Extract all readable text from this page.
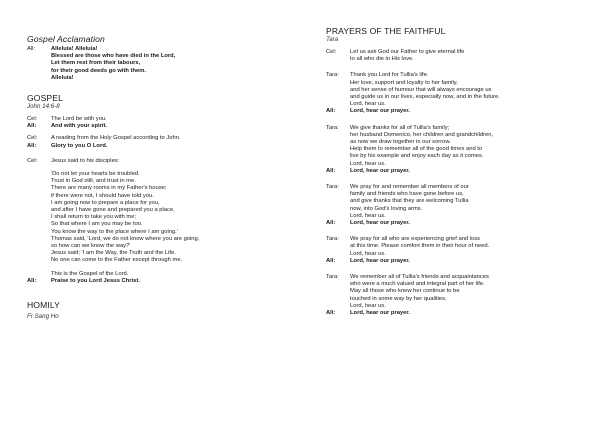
Gospel Acclamation
All:	Alleluia! Alleluia!
Blessed are those who have died in the Lord,
Let them rest from their labours,
for their good deeds go with them.
Alleluia!
GOSPEL
John 14:6-8
Cel:	The Lord be with you.
All:	And with your spirit.
Cel:	A reading from the Holy Gospel according to John.
All:	Glory to you O Lord.
Cel:	Jesus said to his disciples:
'Do not let your hearts be troubled.
Trust in God still, and trust in me.
There are many rooms in my Father's house;
if there were not, I should have told you.
I am going now to prepare a place for you,
and after I have gone and prepared you a place,
I shall return to take you with me;
So that where I am you may be too.
You know the way to the place where I am going.'
Thomas said, 'Lord, we do not know where you are going,
so how can we know the way?'
Jesus said; 'I am the Way, the Truth and the Life.
No one can come to the Father except through me.
This is the Gospel of the Lord.
All:	Praise to you Lord Jesus Christ.
HOMILY
Fr Sang Ho
PRAYERS OF THE FAITHFUL
Tara
Cel:	Let us ask God our Father to give eternal life
to all who die in His love.
Tara:	Thank you Lord for Tullia's life.
Her love, support and loyalty to her family,
and her sense of humour that will always encourage us
and guide us in our lives, especially now, and in the future.
Lord, hear us.
All:	Lord, hear our prayer.
Tara:	We give thanks for all of Tullia's family;
her husband Domenico, her children and grandchildren,
as now we draw together in our sorrow.
Help them to remember all of the good times and to
live by his example and enjoy each day as it comes.
Lord, hear us.
All:	Lord, hear our prayer.
Tara:	We pray for and remember all members of our
family and friends who have gone before us,
and give thanks that they are welcoming Tullia
now, into God's loving arms.
Lord, hear us.
All:	Lord, hear our prayer.
Tara:	We pray for all who are experiencing grief and loss
at this time. Please comfort them in their hour of need.
Lord, hear us.
All:	Lord, hear our prayer.
Tara:	We remember all of Tullia's friends and acquaintances
who were a much valued and integral part of her life.
May all those who knew her continue to be
touched in some way by her qualities.
Lord, hear us.
All:	Lord, hear our prayer.
